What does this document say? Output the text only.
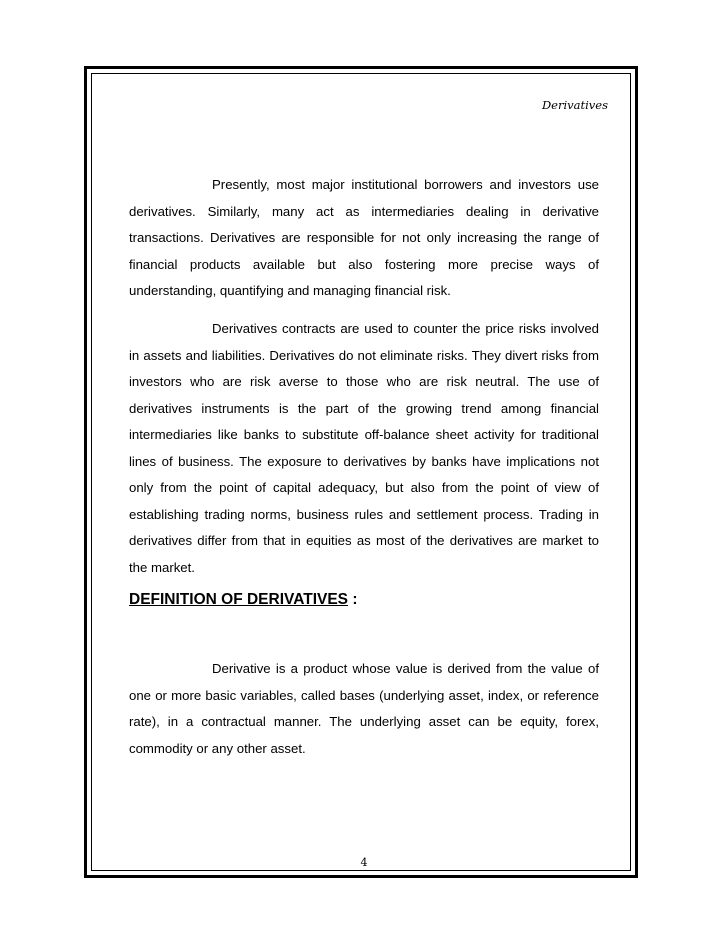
Derivatives

Presently, most major institutional borrowers and investors use derivatives. Similarly, many act as intermediaries dealing in derivative transactions. Derivatives are responsible for not only increasing the range of financial products available but also fostering more precise ways of understanding, quantifying and managing financial risk.

Derivatives contracts are used to counter the price risks involved in assets and liabilities. Derivatives do not eliminate risks. They divert risks from investors who are risk averse to those who are risk neutral. The use of derivatives instruments is the part of the growing trend among financial intermediaries like banks to substitute off-balance sheet activity for traditional lines of business. The exposure to derivatives by banks have implications not only from the point of capital adequacy, but also from the point of view of establishing trading norms, business rules and settlement process. Trading in derivatives differ from that in equities as most of the derivatives are market to the market.

DEFINITION OF DERIVATIVES :

Derivative is a product whose value is derived from the value of one or more basic variables, called bases (underlying asset, index, or reference rate), in a contractual manner. The underlying asset can be equity, forex, commodity or any other asset.

4
